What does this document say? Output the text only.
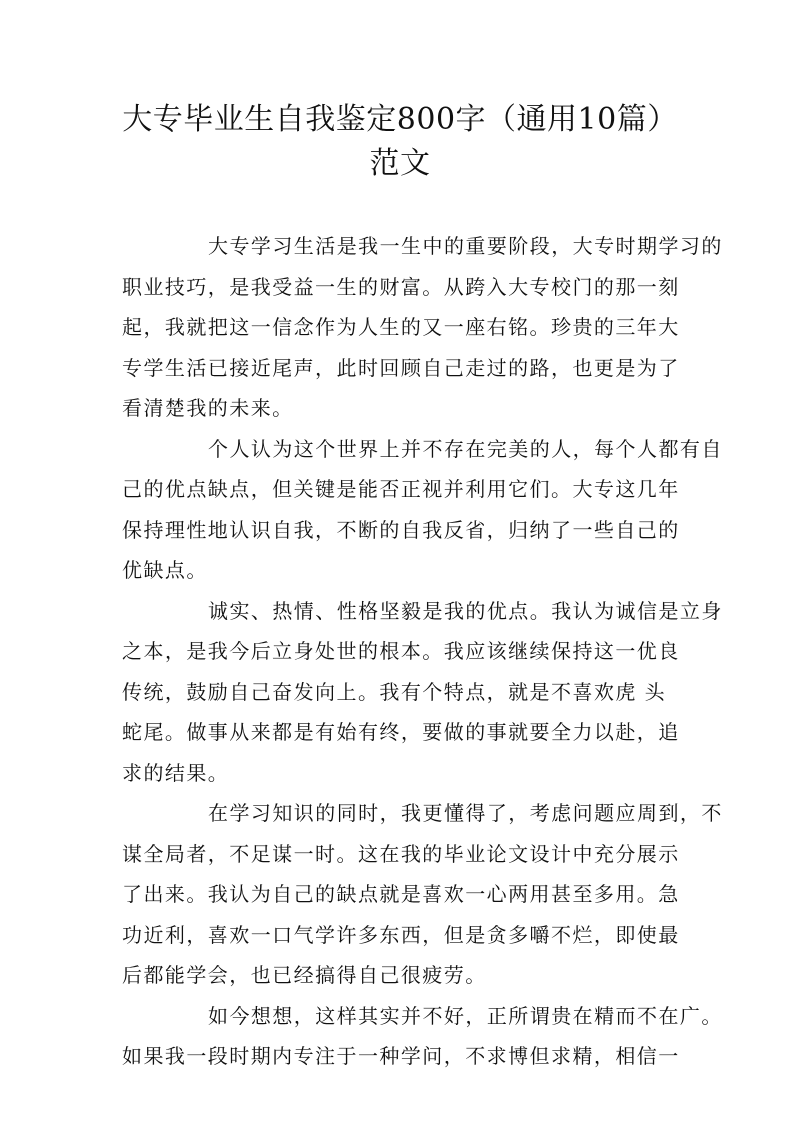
大专毕业生自我鉴定800字（通用10篇）
范文

大专学习生活是我一生中的重要阶段，大专时期学习的
职业技巧，是我受益一生的财富。从跨入大专校门的那一刻
起，我就把这一信念作为人生的又一座右铭。珍贵的三年大
专学生活已接近尾声，此时回顾自己走过的路，也更是为了
看清楚我的未来。

个人认为这个世界上并不存在完美的人，每个人都有自
己的优点缺点，但关键是能否正视并利用它们。大专这几年
保持理性地认识自我，不断的自我反省，归纳了一些自己的
优缺点。

诚实、热情、性格坚毅是我的优点。我认为诚信是立身
之本，是我今后立身处世的根本。我应该继续保持这一优良
传统，鼓励自己奋发向上。我有个特点，就是不喜欢虎 头
蛇尾。做事从来都是有始有终，要做的事就要全力以赴，追
求的结果。

在学习知识的同时，我更懂得了，考虑问题应周到，不
谋全局者，不足谋一时。这在我的毕业论文设计中充分展示
了出来。我认为自己的缺点就是喜欢一心两用甚至多用。急
功近利，喜欢一口气学许多东西，但是贪多嚼不烂，即使最
后都能学会，也已经搞得自己很疲劳。

如今想想，这样其实并不好，正所谓贵在精而不在广。
如果我一段时期内专注于一种学问，不求博但求精，相信一
